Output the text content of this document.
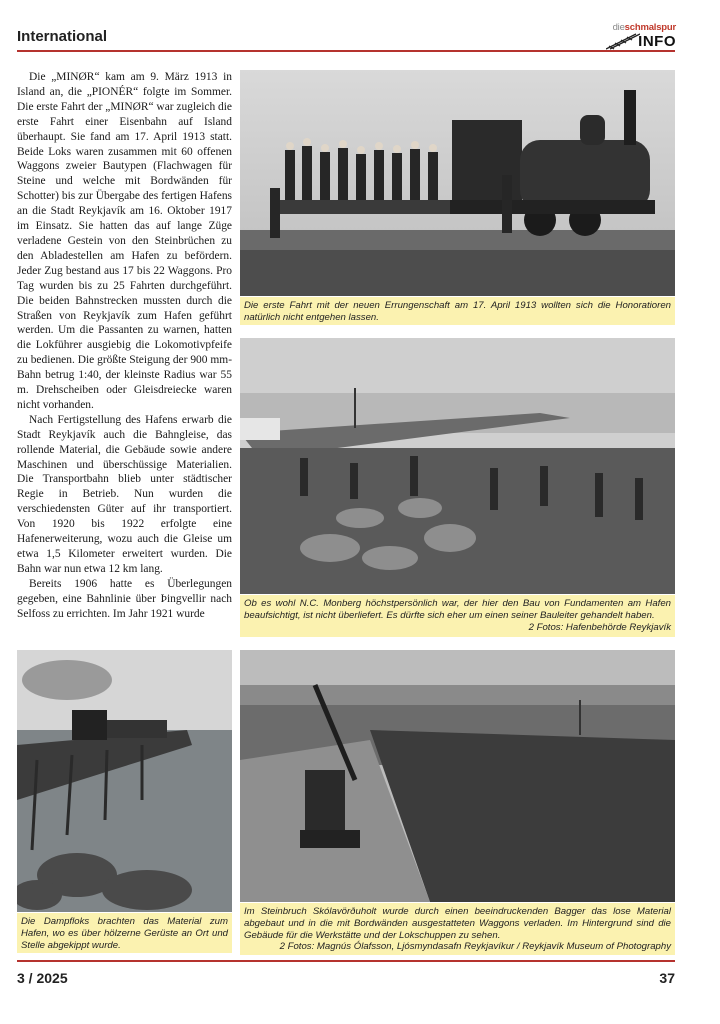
International
dieschmalspur
INFO

Die „MINØR“ kam am 9. März 1913 in Island an, die „PIONÉR“ folgte im Sommer. Die erste Fahrt der „MINØR“ war zugleich die erste Fahrt einer Eisenbahn auf Island überhaupt. Sie fand am 17. April 1913 statt. Beide Loks waren zusammen mit 60 offenen Waggons zweier Bautypen (Flachwagen für Steine und welche mit Bordwänden für Schotter) bis zur Übergabe des fertigen Hafens an die Stadt Reykjavík am 16. Oktober 1917 im Einsatz. Sie hatten das auf lange Züge verladene Gestein von den Steinbrüchen zu den Abladestellen am Hafen zu befördern. Jeder Zug bestand aus 17 bis 22 Waggons. Pro Tag wurden bis zu 25 Fahrten durchgeführt. Die beiden Bahnstrecken mussten durch die Straßen von Reykjavík zum Hafen geführt werden. Um die Passanten zu warnen, hatten die Lokführer ausgiebig die Lokomotivpfeife zu bedienen. Die größte Steigung der 900 mm-Bahn betrug 1:40, der kleinste Radius war 55 m. Drehscheiben oder Gleisdreiecke waren nicht vorhanden.

Nach Fertigstellung des Hafens erwarb die Stadt Reykjavík auch die Bahngleise, das rollende Material, die Gebäude sowie andere Maschinen und überschüssige Materialien. Die Transportbahn blieb unter städtischer Regie in Betrieb. Nun wurden die verschiedensten Güter auf ihr transportiert. Von 1920 bis 1922 erfolgte eine Hafenerweiterung, wozu auch die Gleise um etwa 1,5 Kilometer erweitert wurden. Die Bahn war nun etwa 12 km lang.

Bereits 1906 hatte es Überlegungen gegeben, eine Bahnlinie über Þingvellir nach Selfoss zu errichten. Im Jahr 1921 wurde

Die erste Fahrt mit der neuen Errungenschaft am 17. April 1913 wollten sich die Honoratioren natürlich nicht entgehen lassen.
Ob es wohl N.C. Monberg höchstpersönlich war, der hier den Bau von Fundamenten am Hafen beaufsichtigt, ist nicht überliefert. Es dürfte sich eher um einen seiner Bauleiter gehandelt haben.
2 Fotos: Hafenbehörde Reykjavík
Die Dampfloks brachten das Material zum Hafen, wo es über hölzerne Gerüste an Ort und Stelle abgekippt wurde.
Im Steinbruch Skólavörðuholt wurde durch einen beeindruckenden Bagger das lose Material abgebaut und in die mit Bordwänden ausgestatteten Waggons verladen. Im Hintergrund sind die Gebäude für die Werkstätte und der Lokschuppen zu sehen.
2 Fotos: Magnús Ólafsson, Ljósmyndasafn Reykjavíkur / Reykjavík Museum of Photography
3 / 2025	37
